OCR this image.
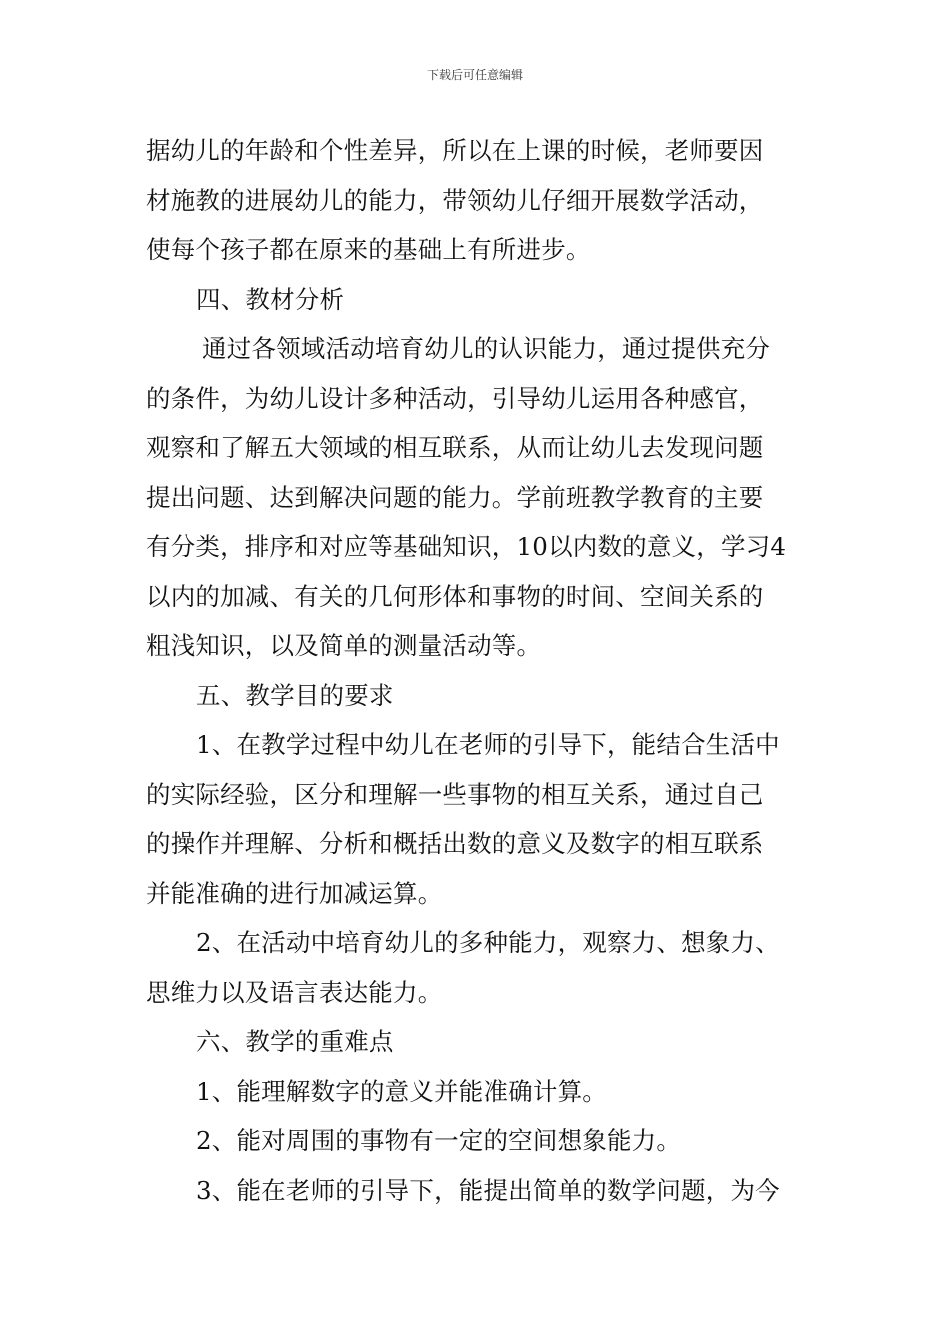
下载后可任意编辑
据幼儿的年龄和个性差异，所以在上课的时候，老师要因
材施教的进展幼儿的能力，带领幼儿仔细开展数学活动，
使每个孩子都在原来的基础上有所进步。
四、教材分析
通过各领域活动培育幼儿的认识能力，通过提供充分
的条件，为幼儿设计多种活动，引导幼儿运用各种感官，
观察和了解五大领域的相互联系，从而让幼儿去发现问题
提出问题、达到解决问题的能力。学前班教学教育的主要
有分类，排序和对应等基础知识，10以内数的意义，学习4
以内的加减、有关的几何形体和事物的时间、空间关系的
粗浅知识，以及简单的测量活动等。
五、教学目的要求
1、在教学过程中幼儿在老师的引导下，能结合生活中
的实际经验，区分和理解一些事物的相互关系，通过自己
的操作并理解、分析和概括出数的意义及数字的相互联系
并能准确的进行加减运算。
2、在活动中培育幼儿的多种能力，观察力、想象力、
思维力以及语言表达能力。
六、教学的重难点
1、能理解数字的意义并能准确计算。
2、能对周围的事物有一定的空间想象能力。
3、能在老师的引导下，能提出简单的数学问题，为今
